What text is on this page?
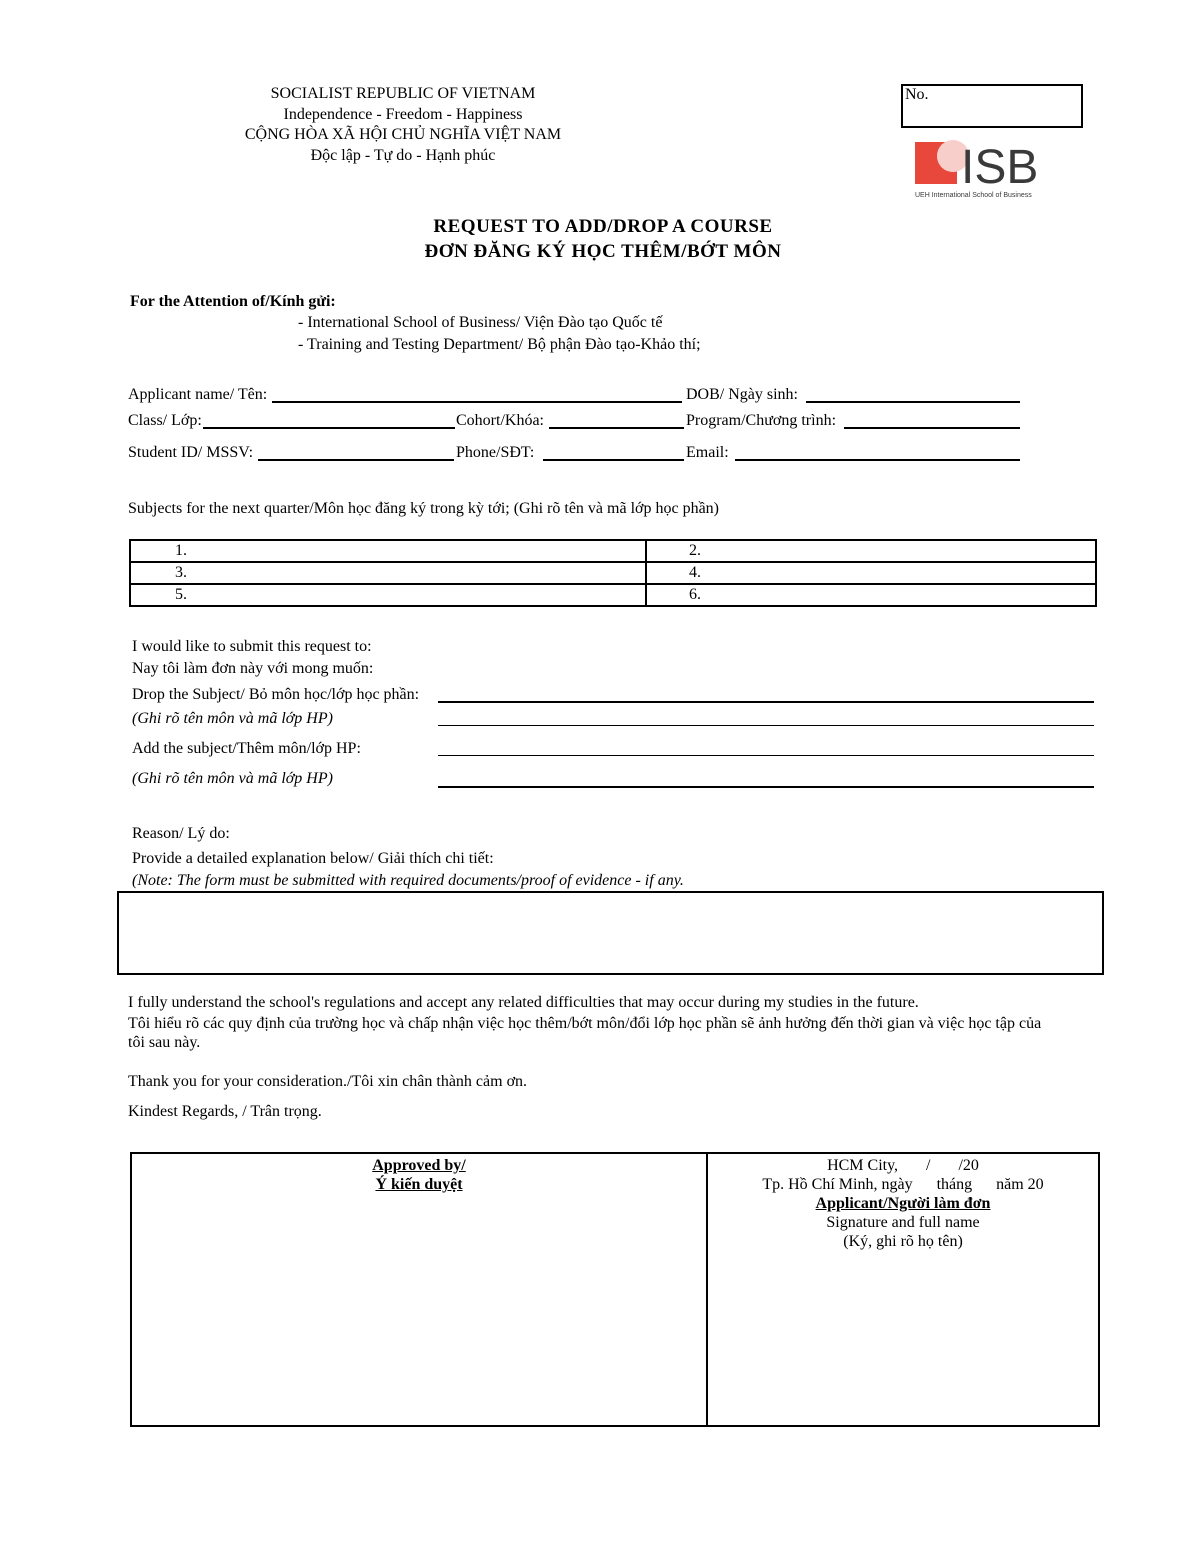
SOCIALIST REPUBLIC OF VIETNAM
Independence - Freedom - Happiness
CỘNG HÒA XÃ HỘI CHỦ NGHĨA VIỆT NAM
Độc lập - Tự do - Hạnh phúc
No.
ISB
UEH International School of Business
REQUEST TO ADD/DROP A COURSE
ĐƠN ĐĂNG KÝ HỌC THÊM/BỚT MÔN
For the Attention of/Kính gửi:
- International School of Business/ Viện Đào tạo Quốc tế
- Training and Testing Department/ Bộ phận Đào tạo-Khảo thí;
Applicant name/ Tên:	DOB/ Ngày sinh:
Class/ Lớp:	Cohort/Khóa:	Program/Chương trình:
Student ID/ MSSV:	Phone/SĐT:	Email:
Subjects for the next quarter/Môn học đăng ký trong kỳ tới; (Ghi rõ tên và mã lớp học phần)
1.	2.
3.	4.
5.	6.
I would like to submit this request to:
Nay tôi làm đơn này với mong muốn:
Drop the Subject/ Bỏ môn học/lớp học phần:
(Ghi rõ tên môn và mã lớp HP)
Add the subject/Thêm môn/lớp HP:
(Ghi rõ tên môn và mã lớp HP)
Reason/ Lý do:
Provide a detailed explanation below/ Giải thích chi tiết:
(Note: The form must be submitted with required documents/proof of evidence - if any.
I fully understand the school's regulations and accept any related difficulties that may occur during my studies in the future.
Tôi hiểu rõ các quy định của trường học và chấp nhận việc học thêm/bớt môn/đổi lớp học phần sẽ ảnh hưởng đến thời gian và việc học tập của
tôi sau này.
Thank you for your consideration./Tôi xin chân thành cảm ơn.
Kindest Regards, / Trân trọng.
Approved by/
Ý kiến duyệt
HCM City,       /       /20
Tp. Hồ Chí Minh, ngày      tháng      năm 20
Applicant/Người làm đơn
Signature and full name
(Ký, ghi rõ họ tên)
